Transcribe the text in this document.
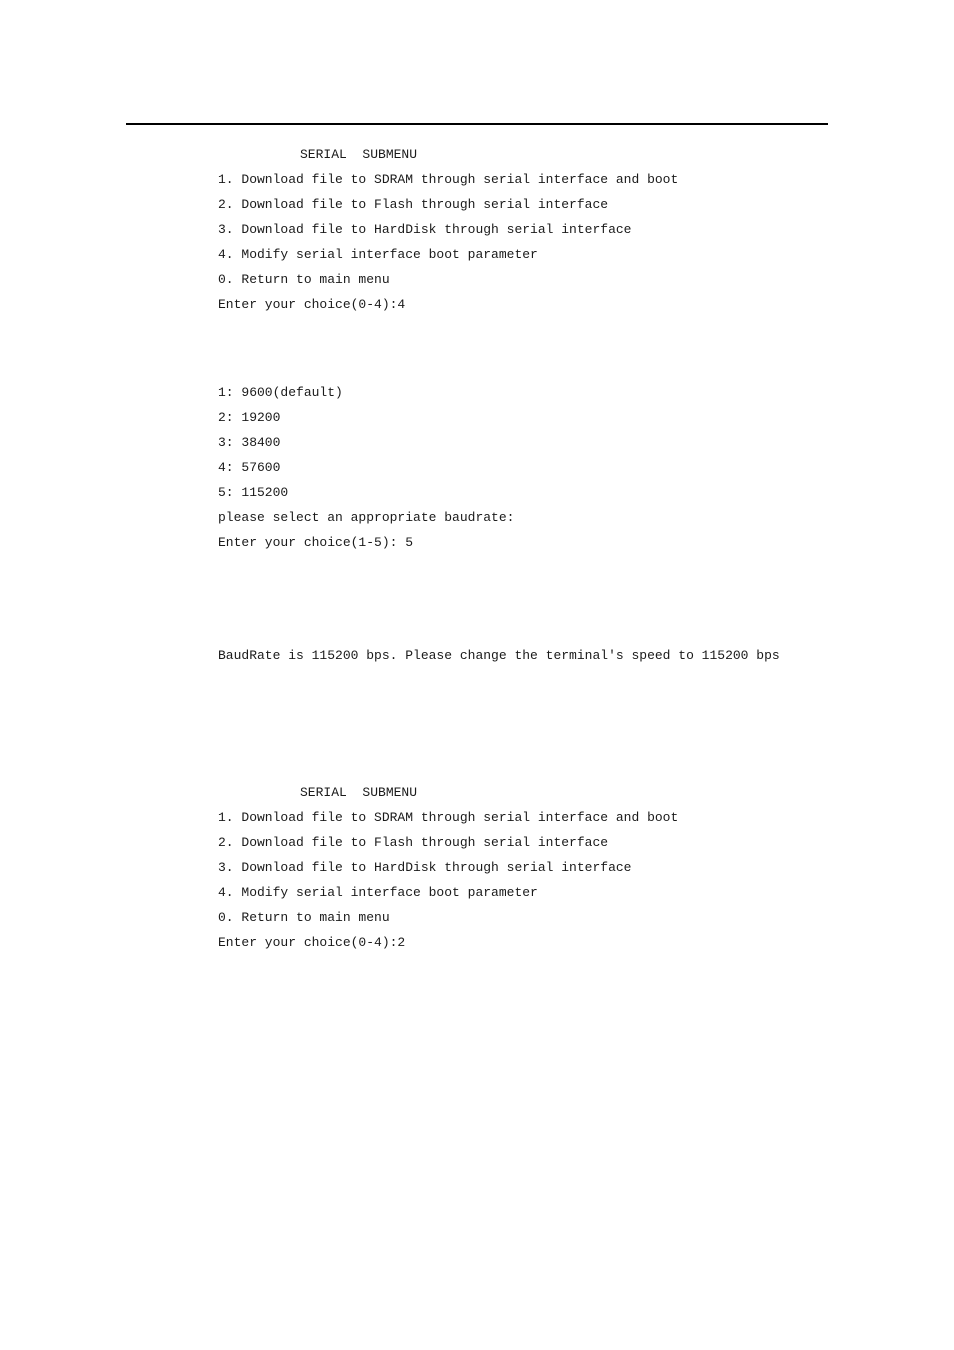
SERIAL  SUBMENU
1. Download file to SDRAM through serial interface and boot
2. Download file to Flash through serial interface
3. Download file to HardDisk through serial interface
4. Modify serial interface boot parameter
0. Return to main menu
Enter your choice(0-4):4
1: 9600(default)
2: 19200
3: 38400
4: 57600
5: 115200
please select an appropriate baudrate:
Enter your choice(1-5): 5
BaudRate is 115200 bps. Please change the terminal's speed to 115200 bps
SERIAL  SUBMENU
1. Download file to SDRAM through serial interface and boot
2. Download file to Flash through serial interface
3. Download file to HardDisk through serial interface
4. Modify serial interface boot parameter
0. Return to main menu
Enter your choice(0-4):2
